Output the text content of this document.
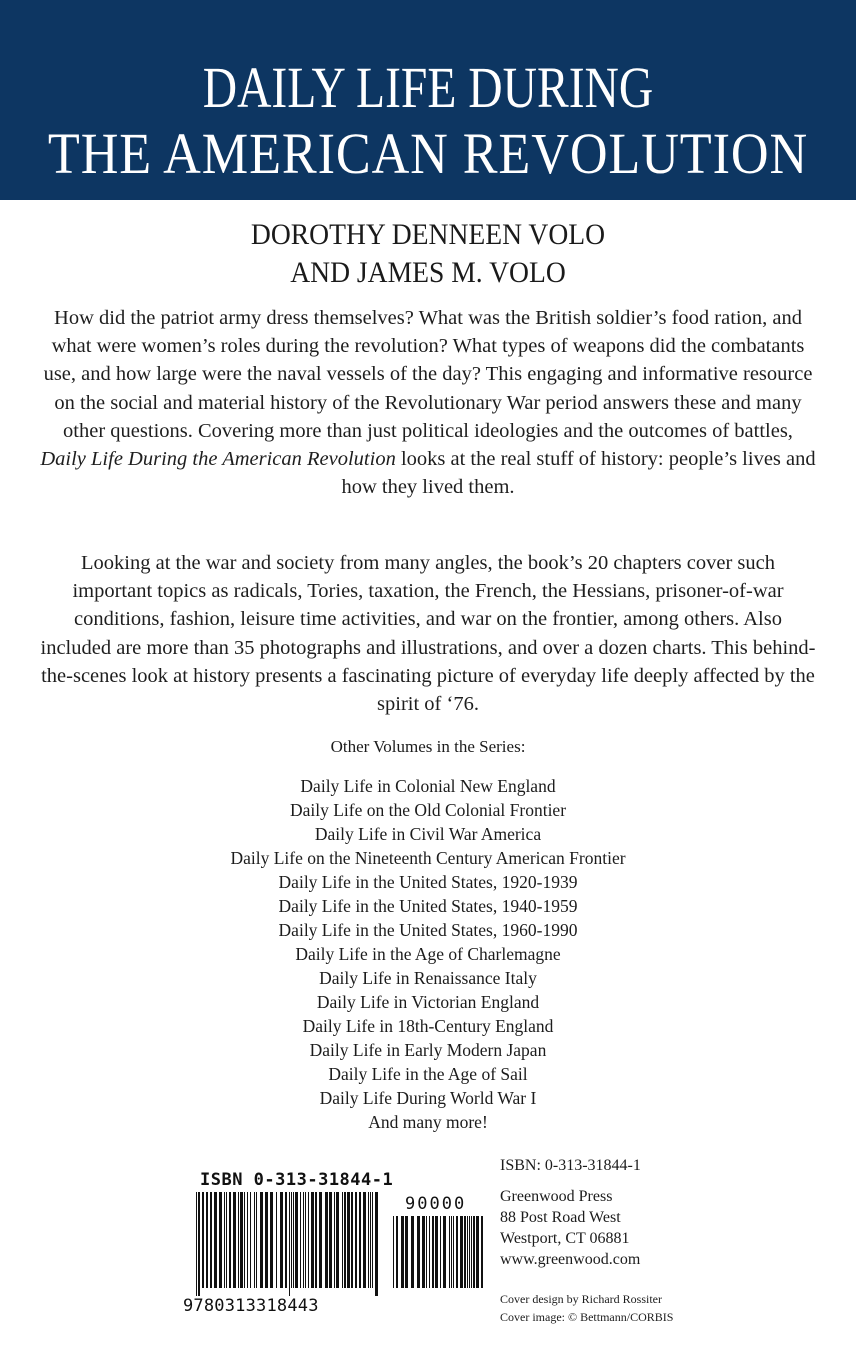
DAILY LIFE DURING
THE AMERICAN REVOLUTION
DOROTHY DENNEEN VOLO
AND JAMES M. VOLO

How did the patriot army dress themselves? What was the British soldier’s food ration, and what were women’s roles during the revolution? What types of weapons did the combatants use, and how large were the naval vessels of the day? This engaging and informative resource on the social and material history of the Revolutionary War period answers these and many other questions. Covering more than just political ideologies and the outcomes of battles, Daily Life During the American Revolution looks at the real stuff of history: people’s lives and how they lived them.

Looking at the war and society from many angles, the book’s 20 chapters cover such important topics as radicals, Tories, taxation, the French, the Hessians, prisoner-of-war conditions, fashion, leisure time activities, and war on the frontier, among others. Also included are more than 35 photographs and illustrations, and over a dozen charts. This behind-the-scenes look at history presents a fascinating picture of everyday life deeply affected by the spirit of ‘76.

Other Volumes in the Series:
Daily Life in Colonial New England
Daily Life on the Old Colonial Frontier
Daily Life in Civil War America
Daily Life on the Nineteenth Century American Frontier
Daily Life in the United States, 1920-1939
Daily Life in the United States, 1940-1959
Daily Life in the United States, 1960-1990
Daily Life in the Age of Charlemagne
Daily Life in Renaissance Italy
Daily Life in Victorian England
Daily Life in 18th-Century England
Daily Life in Early Modern Japan
Daily Life in the Age of Sail
Daily Life During World War I
And many more!
ISBN 0-313-31844-1
90000
9780313318443
ISBN: 0-313-31844-1
Greenwood Press
88 Post Road West
Westport, CT 06881
www.greenwood.com
Cover design by Richard Rossiter
Cover image: © Bettmann/CORBIS
